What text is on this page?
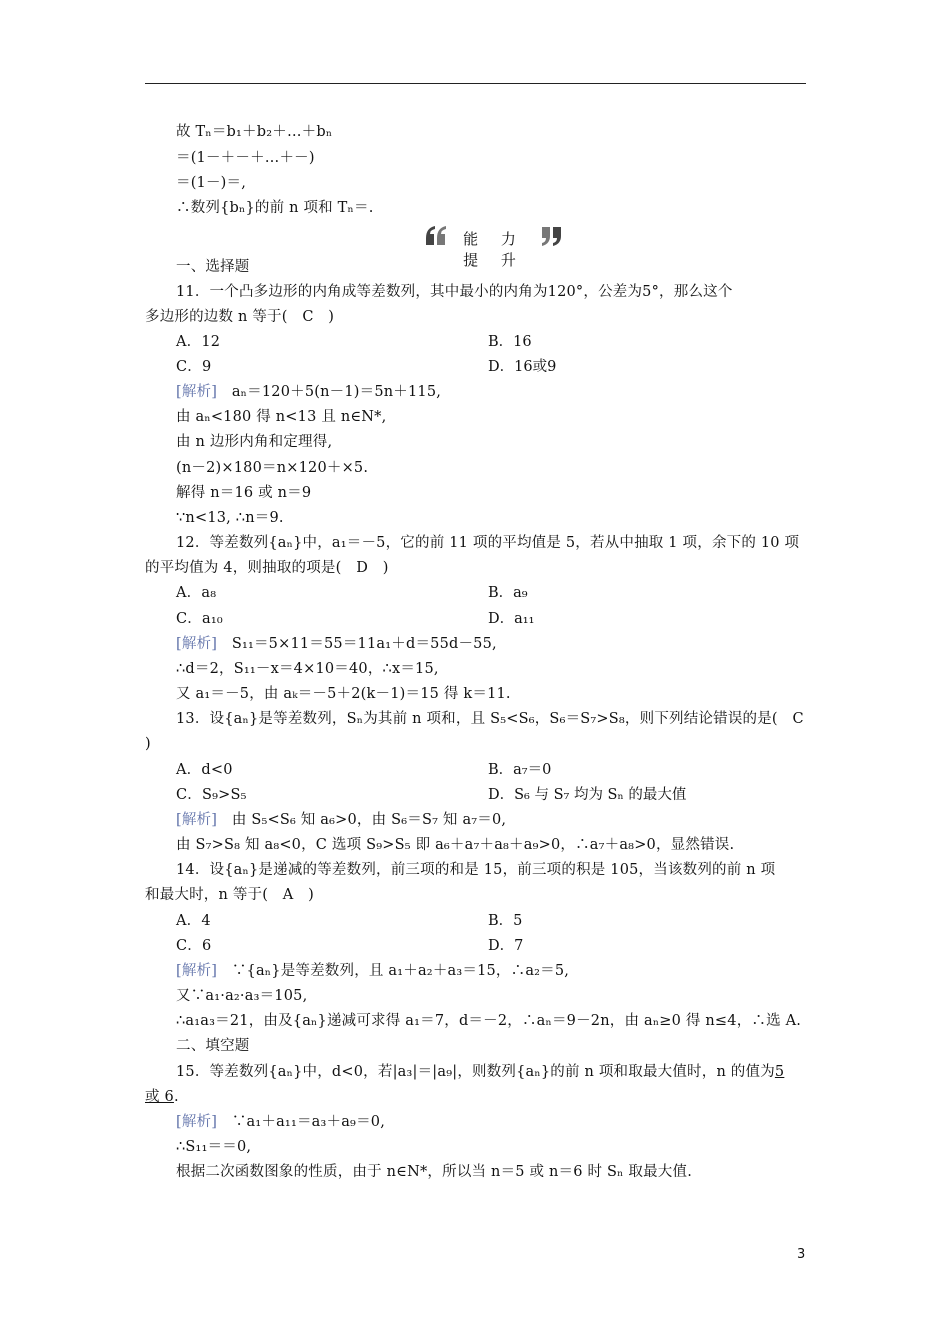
故 Tₙ＝b₁＋b₂＋…＋bₙ
＝(1－＋－＋…＋－)
＝(1－)＝,
∴数列{bₙ}的前 n 项和 Tₙ＝.
能 力 提 升
一、选择题
11．一个凸多边形的内角成等差数列，其中最小的内角为120°，公差为5°，那么这个
多边形的边数 n 等于(　C　)
A．12	B．16
C．9	D．16或9
[解析]　aₙ＝120＋5(n－1)＝5n＋115,
由 aₙ<180 得 n<13 且 n∈N*,
由 n 边形内角和定理得,
(n－2)×180＝n×120＋×5.
解得 n＝16 或 n＝9
∵n<13, ∴n＝9.
12．等差数列{aₙ}中，a₁＝－5，它的前 11 项的平均值是 5，若从中抽取 1 项，余下的 10 项
的平均值为 4，则抽取的项是(　D　)
A．a₈	B．a₉
C．a₁₀	D．a₁₁
[解析]　S₁₁＝5×11＝55＝11a₁＋d＝55d－55,
∴d＝2，S₁₁－x＝4×10＝40，∴x＝15,
又 a₁＝－5，由 aₖ＝－5＋2(k－1)＝15 得 k＝11.
13．设{aₙ}是等差数列，Sₙ为其前 n 项和，且 S₅<S₆，S₆＝S₇>S₈，则下列结论错误的是(　C
)
A．d<0	B．a₇＝0
C．S₉>S₅	D．S₆ 与 S₇ 均为 Sₙ 的最大值
[解析]　由 S₅<S₆ 知 a₆>0，由 S₆＝S₇ 知 a₇＝0,
由 S₇>S₈ 知 a₈<0，C 选项 S₉>S₅ 即 a₆＋a₇＋a₈＋a₉>0，∴a₇＋a₈>0，显然错误.
14．设{aₙ}是递减的等差数列，前三项的和是 15，前三项的积是 105，当该数列的前 n 项
和最大时，n 等于(　A　)
A．4	B．5
C．6	D．7
[解析]　∵{aₙ}是等差数列，且 a₁＋a₂＋a₃＝15，∴a₂＝5,
又∵a₁·a₂·a₃＝105,
∴a₁a₃＝21，由及{aₙ}递减可求得 a₁＝7，d＝－2，∴aₙ＝9－2n，由 aₙ≥0 得 n≤4，∴选 A.
二、填空题
15．等差数列{aₙ}中，d<0，若|a₃|＝|a₉|，则数列{aₙ}的前 n 项和取最大值时，n 的值为5
或 6.
[解析]　∵a₁＋a₁₁＝a₃＋a₉＝0,
∴S₁₁＝＝0,
根据二次函数图象的性质，由于 n∈N*，所以当 n＝5 或 n＝6 时 Sₙ 取最大值.
3
